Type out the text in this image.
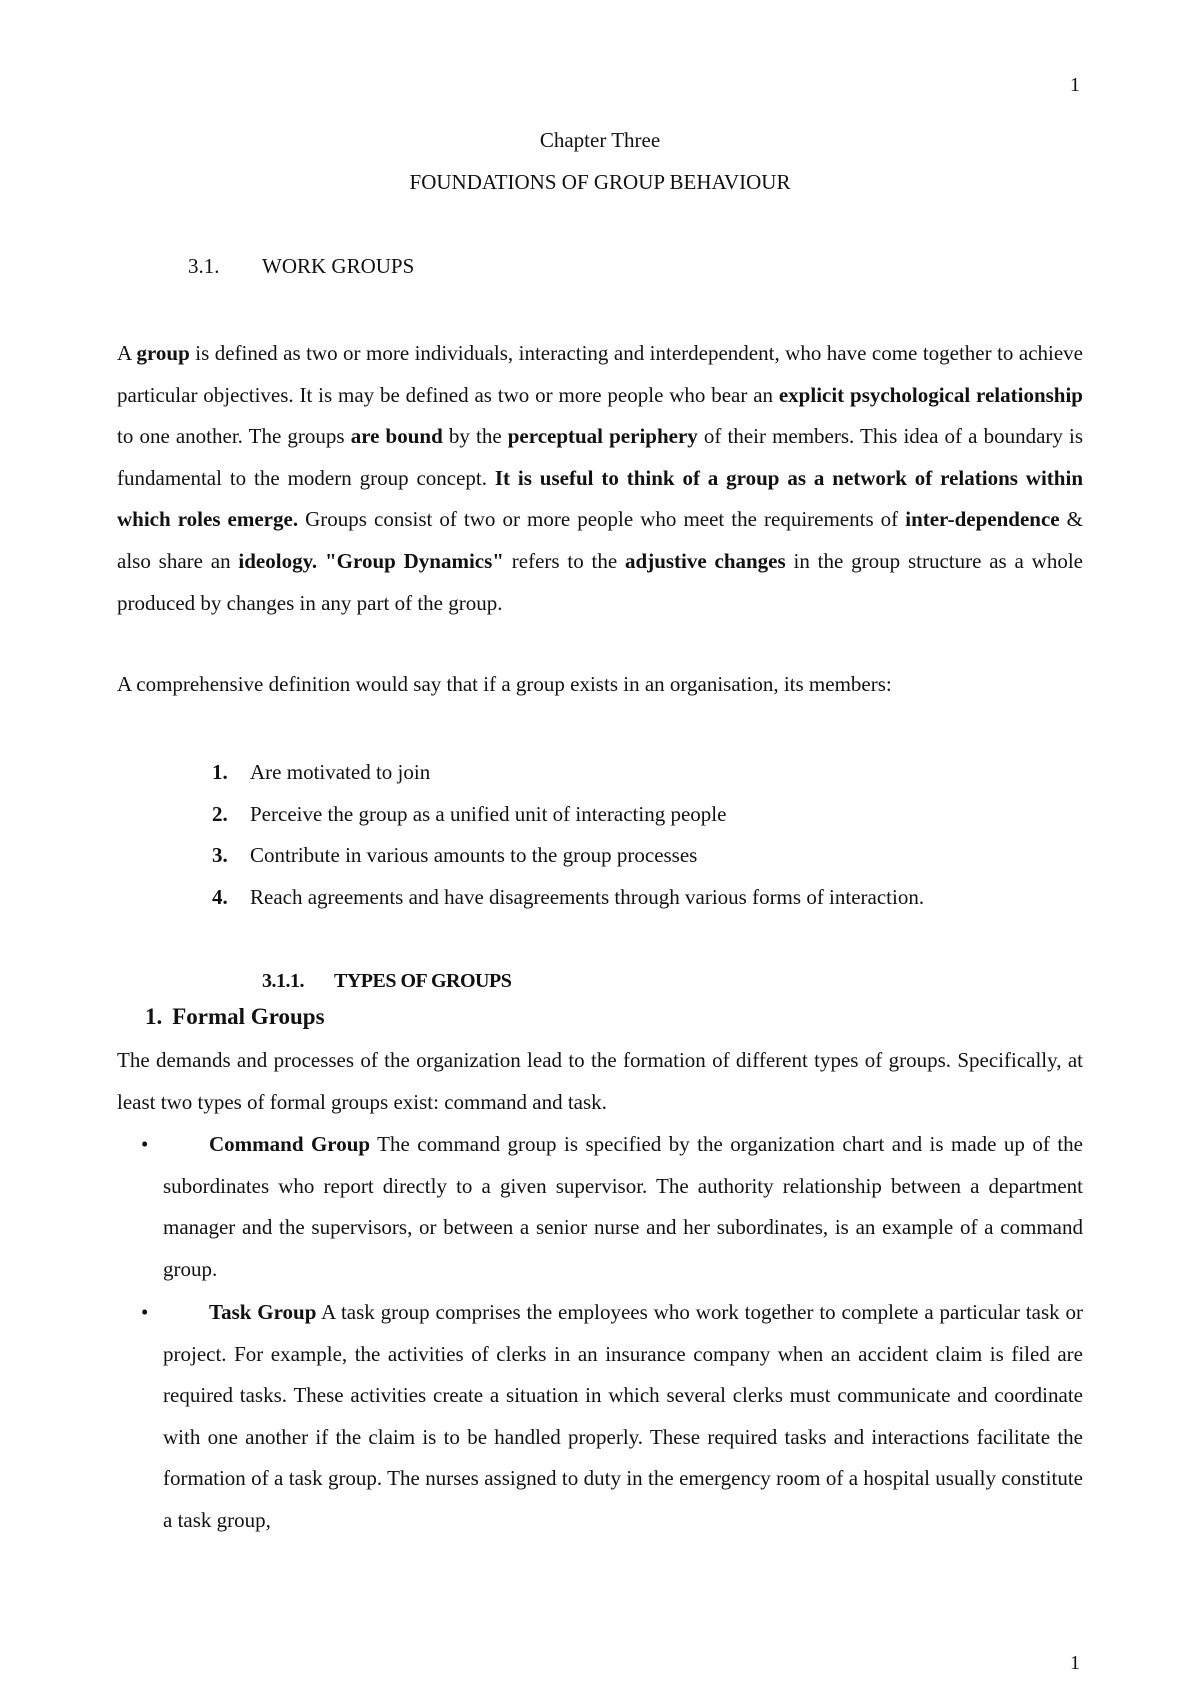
1
Chapter Three
FOUNDATIONS OF GROUP BEHAVIOUR
3.1. WORK GROUPS

A group is defined as two or more individuals, interacting and interdependent, who have come together to achieve particular objectives. It is may be defined as two or more people who bear an explicit psychological relationship to one another. The groups are bound by the perceptual periphery of their members. This idea of a boundary is fundamental to the modern group concept. It is useful to think of a group as a network of relations within which roles emerge. Groups consist of two or more people who meet the requirements of inter-dependence & also share an ideology. "Group Dynamics" refers to the adjustive changes in the group structure as a whole produced by changes in any part of the group.

A comprehensive definition would say that if a group exists in an organisation, its members:

1. Are motivated to join
2. Perceive the group as a unified unit of interacting people
3. Contribute in various amounts to the group processes
4. Reach agreements and have disagreements through various forms of interaction.
3.1.1. TYPES OF GROUPS
1. Formal Groups

The demands and processes of the organization lead to the formation of different types of groups. Specifically, at least two types of formal groups exist: command and task.

•	Command Group The command group is specified by the organization chart and is made up of the subordinates who report directly to a given supervisor. The authority relationship between a department manager and the supervisors, or between a senior nurse and her subordinates, is an example of a command group.
•	Task Group A task group comprises the employees who work together to complete a particular task or project. For example, the activities of clerks in an insurance company when an accident claim is filed are required tasks. These activities create a situation in which several clerks must communicate and coordinate with one another if the claim is to be handled properly. These required tasks and interactions facilitate the formation of a task group. The nurses assigned to duty in the emergency room of a hospital usually constitute a task group,
1
